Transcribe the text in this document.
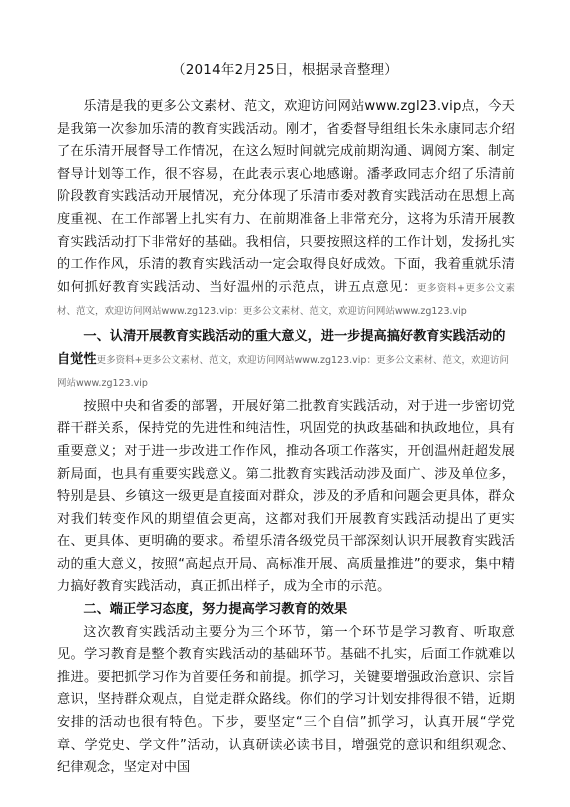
（2014年2月25日，根据录音整理）

乐清是我的更多公文素材、范文，欢迎访问网站www.zgl23.vip点，今天是我第一次参加乐清的教育实践活动。刚才，省委督导组组长朱永康同志介绍了在乐清开展督导工作情况，在这么短时间就完成前期沟通、调阅方案、制定督导计划等工作，很不容易，在此表示衷心地感谢。潘孝政同志介绍了乐清前阶段教育实践活动开展情况，充分体现了乐清市委对教育实践活动在思想上高度重视、在工作部署上扎实有力、在前期准备上非常充分，这将为乐清开展教育实践活动打下非常好的基础。我相信，只要按照这样的工作计划，发扬扎实的工作作风，乐清的教育实践活动一定会取得良好成效。下面，我着重就乐清如何抓好教育实践活动、当好温州的示范点，讲五点意见：更多资料+更多公文素材、范文，欢迎访问网站www.zg123.vip：更多公文素材、范文，欢迎访问网站www.zg123.vip

一、认清开展教育实践活动的重大意义，进一步提高搞好教育实践活动的自觉性更多资料+更多公文素材、范文，欢迎访问网站www.zg123.vip：更多公文素材、范文，欢迎访问网站www.zg123.vip

按照中央和省委的部署，开展好第二批教育实践活动，对于进一步密切党群干群关系，保持党的先进性和纯洁性，巩固党的执政基础和执政地位，具有重要意义；对于进一步改进工作作风，推动各项工作落实，开创温州赶超发展新局面，也具有重要实践意义。第二批教育实践活动涉及面广、涉及单位多，特别是县、乡镇这一级更是直接面对群众，涉及的矛盾和问题会更具体，群众对我们转变作风的期望值会更高，这都对我们开展教育实践活动提出了更实在、更具体、更明确的要求。希望乐清各级党员干部深刻认识开展教育实践活动的重大意义，按照“高起点开局、高标准开展、高质量推进”的要求，集中精力搞好教育实践活动，真正抓出样子，成为全市的示范。

二、端正学习态度，努力提高学习教育的效果

这次教育实践活动主要分为三个环节，第一个环节是学习教育、听取意见。学习教育是整个教育实践活动的基础环节。基础不扎实，后面工作就难以推进。要把抓学习作为首要任务和前提。抓学习，关键要增强政治意识、宗旨意识，坚持群众观点，自觉走群众路线。你们的学习计划安排得很不错，近期安排的活动也很有特色。下步，要坚定“三个自信”抓学习，认真开展“学党章、学党史、学文件”活动，认真研读必读书目，增强党的意识和组织观念、纪律观念，坚定对中国
